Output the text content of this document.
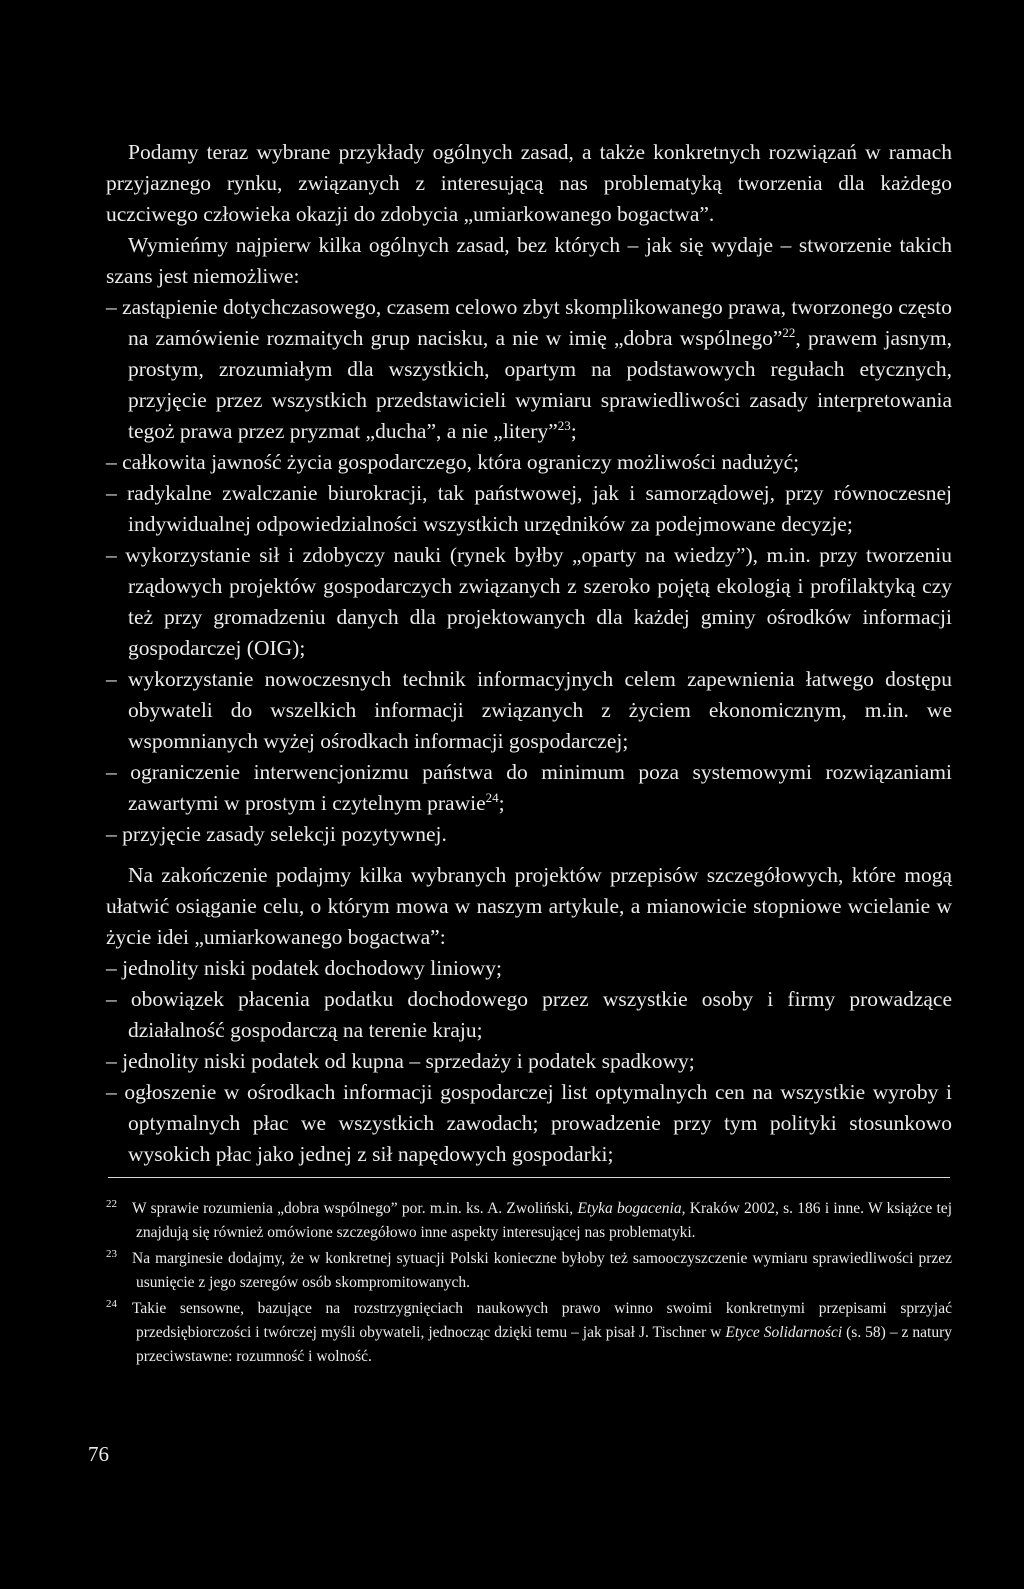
Podamy teraz wybrane przykłady ogólnych zasad, a także konkretnych rozwiązań w ramach przyjaznego rynku, związanych z interesującą nas problematyką tworzenia dla każdego uczciwego człowieka okazji do zdobycia „umiarkowanego bogactwa”.

Wymieńmy najpierw kilka ogólnych zasad, bez których – jak się wydaje – stworzenie takich szans jest niemożliwe:

– zastąpienie dotychczasowego, czasem celowo zbyt skomplikowanego prawa, tworzonego często na zamówienie rozmaitych grup nacisku, a nie w imię „dobra wspólnego”$^{22}$, prawem jasnym, prostym, zrozumiałym dla wszystkich, opartym na podstawowych regułach etycznych, przyjęcie przez wszystkich przedstawicieli wymiaru sprawiedliwości zasady interpretowania tegoż prawa przez pryzmat „ducha”, a nie „litery”$^{23}$;
– całkowita jawność życia gospodarczego, która ograniczy możliwości nadużyć;
– radykalne zwalczanie biurokracji, tak państwowej, jak i samorządowej, przy równoczesnej indywidualnej odpowiedzialności wszystkich urzędników za podejmowane decyzje;
– wykorzystanie sił i zdobyczy nauki (rynek byłby „oparty na wiedzy”), m.in. przy tworzeniu rządowych projektów gospodarczych związanych z szeroko pojętą ekologią i profilaktyką czy też przy gromadzeniu danych dla projektowanych dla każdej gminy ośrodków informacji gospodarczej (OIG);
– wykorzystanie nowoczesnych technik informacyjnych celem zapewnienia łatwego dostępu obywateli do wszelkich informacji związanych z życiem ekonomicznym, m.in. we wspomnianych wyżej ośrodkach informacji gospodarczej;
– ograniczenie interwencjonizmu państwa do minimum poza systemowymi rozwiązaniami zawartymi w prostym i czytelnym prawie$^{24}$;
– przyjęcie zasady selekcji pozytywnej.

Na zakończenie podajmy kilka wybranych projektów przepisów szczegółowych, które mogą ułatwić osiąganie celu, o którym mowa w naszym artykule, a mianowicie stopniowe wcielanie w życie idei „umiarkowanego bogactwa”:

– jednolity niski podatek dochodowy liniowy;
– obowiązek płacenia podatku dochodowego przez wszystkie osoby i firmy prowadzące działalność gospodarczą na terenie kraju;
– jednolity niski podatek od kupna – sprzedaży i podatek spadkowy;
– ogłoszenie w ośrodkach informacji gospodarczej list optymalnych cen na wszystkie wyroby i optymalnych płac we wszystkich zawodach; prowadzenie przy tym polityki stosunkowo wysokich płac jako jednej z sił napędowych gospodarki;

22 W sprawie rozumienia „dobra wspólnego” por. m.in. ks. A. Zwoliński, Etyka bogacenia, Kraków 2002, s. 186 i inne. W książce tej znajdują się również omówione szczegółowo inne aspekty interesującej nas problematyki.

23 Na marginesie dodajmy, że w konkretnej sytuacji Polski konieczne byłoby też samooczyszczenie wymiaru sprawiedliwości przez usunięcie z jego szeregów osób skompromitowanych.

24 Takie sensowne, bazujące na rozstrzygnięciach naukowych prawo winno swoimi konkretnymi przepisami sprzyjać przedsiębiorczości i twórczej myśli obywateli, jednocząc dzięki temu – jak pisał J. Tischner w Etyce Solidarności (s. 58) – z natury przeciwstawne: rozumność i wolność.

76
